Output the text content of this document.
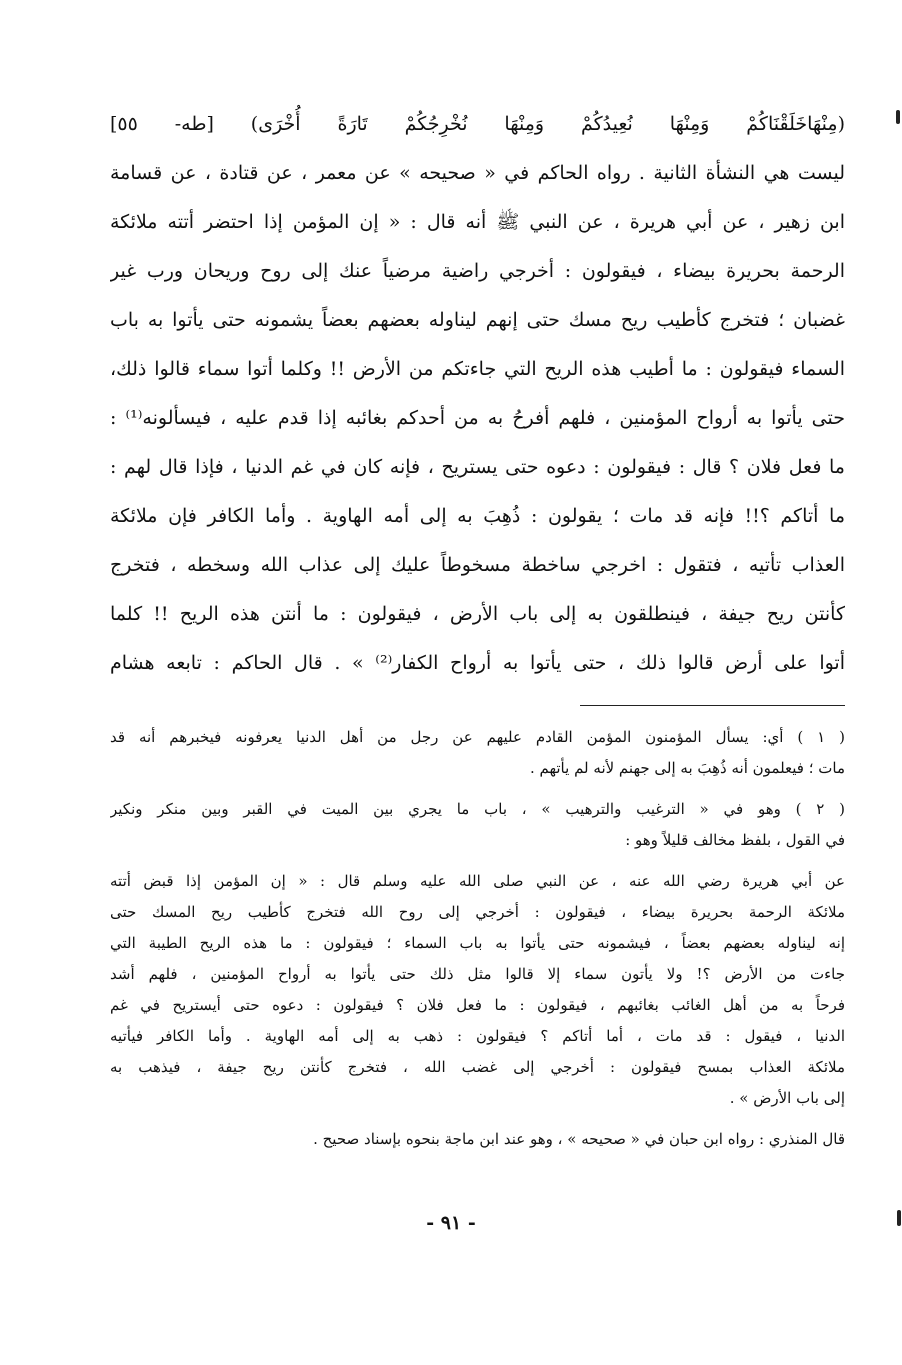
(مِنْهَاخَلَقْنَاكُمْ وَمِنْهَا نُعِيدُكُمْ وَمِنْهَا نُخْرِجُكُمْ تَارَةً أُخْرَى) [طه- ٥٥]
ليست هي النشأة الثانية . رواه الحاكم في « صحيحه » عن معمر ، عن قتادة ، عن قسامة
ابن زهير ، عن أبي هريرة ، عن النبي ﷺ أنه قال : « إن المؤمن إذا احتضر أتته ملائكة
الرحمة بحريرة بيضاء ، فيقولون : أخرجي راضية مرضياً عنك إلى روح وريحان ورب غير
غضبان ؛ فتخرج كأطيب ريح مسك حتى إنهم ليناوله بعضهم بعضاً يشمونه حتى يأتوا به باب
السماء فيقولون : ما أطيب هذه الريح التي جاءتكم من الأرض !! وكلما أتوا سماء قالوا ذلك،
حتى يأتوا به أرواح المؤمنين ، فلهم أفرحُ به من أحدكم بغائبه إذا قدم عليه ، فيسألونه⁽¹⁾ :
ما فعل فلان ؟ قال : فيقولون : دعوه حتى يستريح ، فإنه كان في غم الدنيا ، فإذا قال لهم :
ما أتاكم ؟!! فإنه قد مات ؛ يقولون : ذُهِبَ به إلى أمه الهاوية . وأما الكافر فإن ملائكة
العذاب تأتيه ، فتقول : اخرجي ساخطة مسخوطاً عليك إلى عذاب الله وسخطه ، فتخرج
كأنتن ريح جيفة ، فينطلقون به إلى باب الأرض ، فيقولون : ما أنتن هذه الريح !! كلما
أتوا على أرض قالوا ذلك ، حتى يأتوا به أرواح الكفار⁽²⁾ » . قال الحاكم : تابعه هشام
( ١ ) أي: يسأل المؤمنون المؤمن القادم عليهم عن رجل من أهل الدنيا يعرفونه فيخبرهم أنه قد
مات ؛ فيعلمون أنه ذُهِبَ به إلى جهنم لأنه لم يأتهم .
( ٢ ) وهو في « الترغيب والترهيب » ، باب ما يجري بين الميت في القبر وبين منكر ونكير
في القول ، بلفظ مخالف قليلاً وهو :
عن أبي هريرة رضي الله عنه ، عن النبي صلى الله عليه وسلم قال : « إن المؤمن إذا قبض أتته
ملائكة الرحمة بحريرة بيضاء ، فيقولون : أخرجي إلى روح الله فتخرج كأطيب ريح المسك حتى
إنه ليناوله بعضهم بعضاً ، فيشمونه حتى يأتوا به باب السماء ؛ فيقولون : ما هذه الريح الطيبة التي
جاءت من الأرض ؟! ولا يأتون سماء إلا قالوا مثل ذلك حتى يأتوا به أرواح المؤمنين ، فلهم أشد
فرحاً به من أهل الغائب بغائبهم ، فيقولون : ما فعل فلان ؟ فيقولون : دعوه حتى أيستريح في غم
الدنيا ، فيقول : قد مات ، أما أتاكم ؟ فيقولون : ذهب به إلى أمه الهاوية . وأما الكافر فيأتيه
ملائكة العذاب بمسح فيقولون : أخرجي إلى غضب الله ، فتخرج كأنتن ريح جيفة ، فيذهب به
إلى باب الأرض » .
قال المنذري : رواه ابن حبان في « صحيحه » ، وهو عند ابن ماجة بنحوه بإسناد صحيح .
- ٩١ -
